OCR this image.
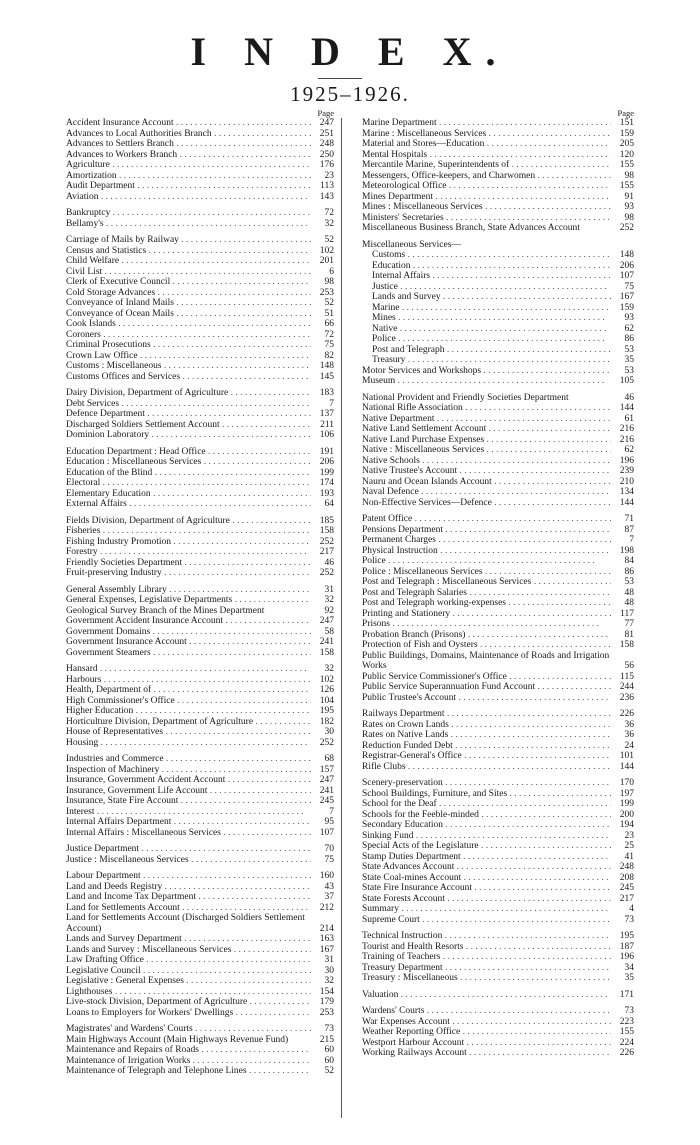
I N D E X.
1925–1926.
Page
Accident Insurance Account . . .	247
Advances to Local Authorities Branch . . .	251
Advances to Settlers Branch . . .	248
Advances to Workers Branch . . .	250
Agriculture . . .	176
Amortization . . .	23
Audit Department . . .	113
Aviation . . .	143
Bankruptcy . . .	72
Bellamy's . . .	32
Carriage of Mails by Railway . . .	52
Census and Statistics . . .	102
Child Welfare . . .	201
Civil List . . .	6
Clerk of Executive Council . . .	98
Cold Storage Advances . . .	253
Conveyance of Inland Mails . . .	52
Conveyance of Ocean Mails . . .	51
Cook Islands . . .	66
Coroners . . .	72
Criminal Prosecutions . . .	75
Crown Law Office . . .	82
Customs : Miscellaneous . . .	148
Customs Offices and Services . . .	145
Dairy Division, Department of Agriculture . . .	183
Debt Services . . .	7
Defence Department . . .	137
Discharged Soldiers Settlement Account . . .	211
Dominion Laboratory . . .	106
Education Department : Head Office . . .	191
Education : Miscellaneous Services . . .	206
Education of the Blind . . .	199
Electoral . . .	174
Elementary Education . . .	193
External Affairs . . .	64
Fields Division, Department of Agriculture . . .	185
Fisheries . . .	158
Fishing Industry Promotion . . .	252
Forestry . . .	217
Friendly Societies Department . . .	46
Fruit-preserving Industry . . .	252
General Assembly Library . . .	31
General Expenses, Legislative Departments . . .	32
Geological Survey Branch of the Mines Department	92
Government Accident Insurance Account . . .	247
Government Domains . . .	58
Government Insurance Account . . .	241
Government Steamers . . .	158
Hansard . . .	32
Harbours . . .	102
Health, Department of . . .	126
High Commissioner's Office . . .	104
Higher Education . . .	195
Horticulture Division, Department of Agriculture . . .	182
House of Representatives . . .	30
Housing . . .	252
Industries and Commerce . . .	68
Inspection of Machinery . . .	157
Insurance, Government Accident Account . . .	247
Insurance, Government Life Account . . .	241
Insurance, State Fire Account . . .	245
Interest . . .	7
Internal Affairs Department . . .	95
Internal Affairs : Miscellaneous Services . . .	107
Justice Department . . .	70
Justice : Miscellaneous Services . . .	75
Labour Department . . .	160
Land and Deeds Registry . . .	43
Land and Income Tax Department . . .	37
Land for Settlements Account . . .	212
Land for Settlements Account (Discharged Soldiers Settlement Account)	214
Lands and Survey Department . . .	163
Lands and Survey : Miscellaneous Services . . .	167
Law Drafting Office . . .	31
Legislative Council . . .	30
Legislative : General Expenses . . .	32
Lighthouses . . .	154
Live-stock Division, Department of Agriculture . . .	179
Loans to Employers for Workers' Dwellings . . .	253
Magistrates' and Wardens' Courts . . .	73
Main Highways Account (Main Highways Revenue Fund)	215
Maintenance and Repairs of Roads . . .	60
Maintenance of Irrigation Works . . .	60
Maintenance of Telegraph and Telephone Lines . . .	52
Page
Marine Department . . .	151
Marine : Miscellaneous Services . . .	159
Material and Stores—Education . . .	205
Mental Hospitals . . .	120
Mercantile Marine, Superintendents of . . .	155
Messengers, Office-keepers, and Charwomen . . .	98
Meteorological Office . . .	155
Mines Department . . .	91
Mines : Miscellaneous Services . . .	93
Ministers' Secretaries . . .	98
Miscellaneous Business Branch, State Advances Account	252
Miscellaneous Services—
Customs . . .	148
Education . . .	206
Internal Affairs . . .	107
Justice . . .	75
Lands and Survey . . .	167
Marine . . .	159
Mines . . .	93
Native . . .	62
Police . . .	86
Post and Telegraph . . .	53
Treasury . . .	35
Motor Services and Workshops . . .	53
Museum . . .	105
National Provident and Friendly Societies Department	46
National Rifle Association . . .	144
Native Department . . .	61
Native Land Settlement Account . . .	216
Native Land Purchase Expenses . . .	216
Native : Miscellaneous Services . . .	62
Native Schools . . .	196
Native Trustee's Account . . .	239
Nauru and Ocean Islands Account . . .	210
Naval Defence . . .	134
Non-Effective Services—Defence . . .	144
Patent Office . . .	71
Pensions Department . . .	87
Permanent Charges . . .	7
Physical Instruction . . .	198
Police . . .	84
Police : Miscellaneous Services . . .	86
Post and Telegraph : Miscellaneous Services . . .	53
Post and Telegraph Salaries . . .	48
Post and Telegraph working-expenses . . .	48
Printing and Stationery . . .	117
Prisons . . .	77
Probation Branch (Prisons) . . .	81
Protection of Fish and Oysters . . .	158
Public Buildings, Domains, Maintenance of Roads and Irrigation Works	56
Public Service Commissioner's Office . . .	115
Public Service Superannuation Fund Account . . .	244
Public Trustee's Account . . .	236
Railways Department . . .	226
Rates on Crown Lands . . .	36
Rates on Native Lands . . .	36
Reduction Funded Debt . . .	24
Registrar-General's Office . . .	101
Rifle Clubs . . .	144
Scenery-preservation . . .	170
School Buildings, Furniture, and Sites . . .	197
School for the Deaf . . .	199
Schools for the Feeble-minded . . .	200
Secondary Education . . .	194
Sinking Fund . . .	23
Special Acts of the Legislature . . .	25
Stamp Duties Department . . .	41
State Advances Account . . .	248
State Coal-mines Account . . .	208
State Fire Insurance Account . . .	245
State Forests Account . . .	217
Summary . . .	4
Supreme Court . . .	73
Technical Instruction . . .	195
Tourist and Health Resorts . . .	187
Training of Teachers . . .	196
Treasury Department . . .	34
Treasury : Miscellaneous . . .	35
Valuation . . .	171
Wardens' Courts . . .	73
War Expenses Account . . .	223
Weather Reporting Office . . .	155
Westport Harbour Account . . .	224
Working Railways Account . . .	226
